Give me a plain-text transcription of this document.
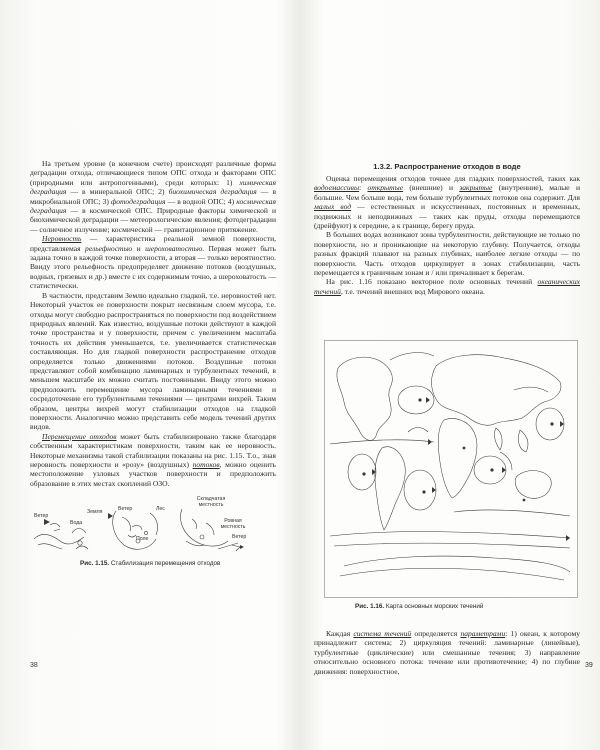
На третьем уровне (в конечном счете) происходят различные формы деградации отхода, отличающиеся типом ОПС отхода и факторами ОПС (природными или антропогенными), среди которых: 1) химическая деградация — в минеральной ОПС; 2) биохимическая деградация — в микробиальной ОПС; 3) фотодеградация — в водной ОПС; 4) космическая деградация — в космической ОПС. Природные факторы химической и биохимической деградации — метеорологические явления; фотодеградации — солнечное излучение; космической — гравитационное притяжение.

Неровность — характеристика реальной земной поверхности, представляемая рельефностью и шероховатостью. Первая может быть задана точно в каждой точке поверхности, а вторая — только вероятностно. Ввиду этого рельефность предопределяет движение потоков (воздушных, водных, грязевых и др.) вместе с их содержимым точно, а шероховатость — статистически.

В частности, представим Землю идеально гладкой, т.е. неровностей нет. Некоторый участок ее поверхности покрыт несвязным слоем мусора, т.е. отходы могут свободно распространяться по поверхности под воздействием природных явлений. Как известно, воздушные потоки действуют в каждой точке пространства и у поверхности, причем с увеличением масштаба точность их действия уменьшается, т.е. увеличивается статистическая составляющая. Но для гладкой поверхности распространение отходов определяется только движениями потоков. Воздушные потоки представляют собой комбинацию ламинарных и турбулентных течений, в меньшем масштабе их можно считать постоянными. Ввиду этого можно предположить перемещение мусора ламинарными течениями и сосредоточение его турбулентными течениями — центрами вихрей. Таким образом, центры вихрей могут стабилизации отходов на гладкой поверхности. Аналогично можно представить себе модель течений других видов.

Перемещение отходов может быть стабилизировано также благодаря собственным характеристикам поверхности, таким как ее неровность. Некоторые механизмы такой стабилизации показаны на рис. 1.15. Т.о., зная неровность поверхности и «розу» (воздушных) потоков, можно оценить местоположение узловых участков поверхности и предположить образование в этих местах скоплений ОЗО.

Ветер
Вода
Земля	Ветер	Лес
Поле
Складчатая местность
Ровная местность
Ветер
Рис. 1.15. Стабилизация перемещения отходов
38
1.3.2. Распространение отходов в воде

Оценка перемещения отходов точнее для гладких поверхностей, таких как водоемассивы: открытые (внешние) и закрытые (внутренние), малые и большие. Чем больше вода, тем больше турбулентных потоков она содержит. Для малых вод — естественных и искусственных, постоянных и временных, подвижных и неподвижных — таких как пруды, отходы перемещаются (дрейфуют) к середине, а к границе, берегу пруда.

В больших водах возникают зоны турбулентности, действующие не только по поверхности, но и проникающие на некоторую глубину. Получается, отходы разных фракций плавают на разных глубинах, наиболее легкие отходы — по поверхности. Часть отходов циркулирует в зонах стабилизации, часть перемещается к граничным зонам и / или причаливает к берегам.

На рис. 1.16 показано векторное поле основных течений океанических течений, т.е. течений внешних вод Мирового океана.

Рис. 1.16. Карта основных морских течений

Каждая система течений определяется параметрами: 1) океан, к которому принадлежит система; 2) циркуляция течений: ламинарные (линейные), турбулентные (циклические) или смешанные течения; 3) направление относительно основного потока: течение или противотечение; 4) по глубине движения: поверхностное,

39
